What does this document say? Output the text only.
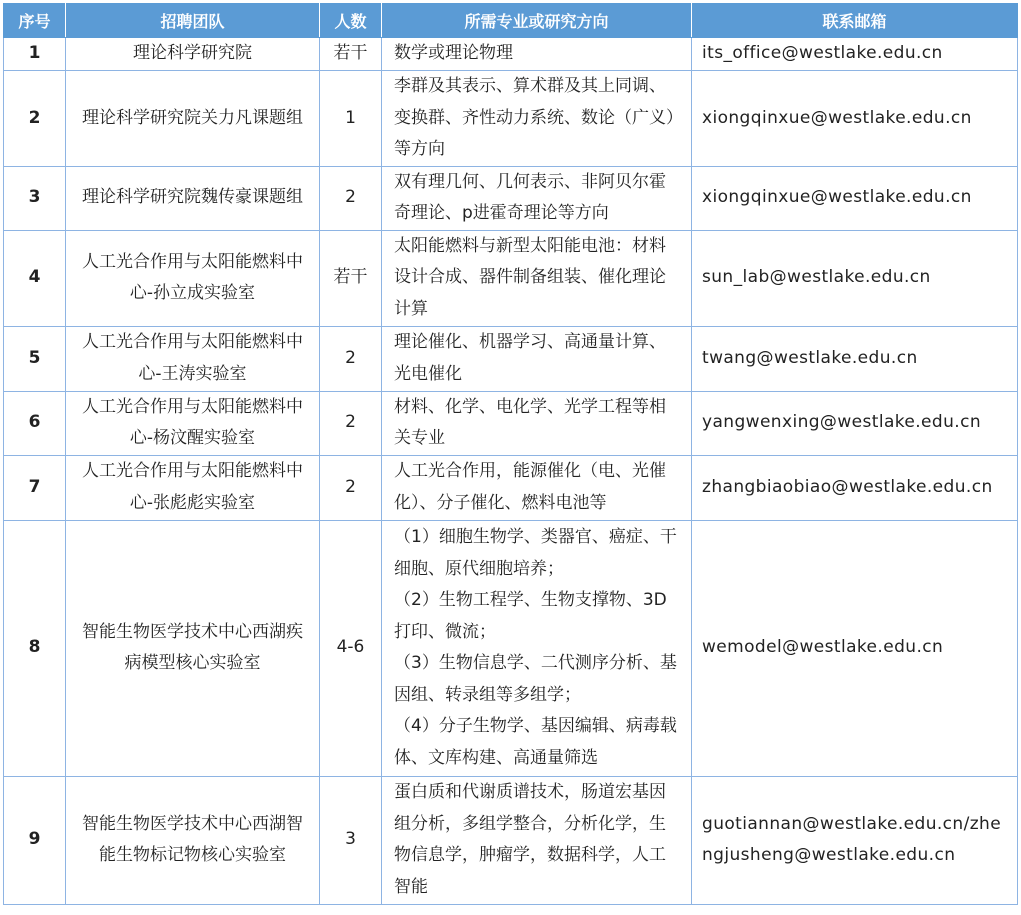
序号	招聘团队	人数	所需专业或研究方向	联系邮箱
1	理论科学研究院	若干	数学或理论物理	its_office@westlake.edu.cn
2	理论科学研究院关力凡课题组	1	李群及其表示、算术群及其上同调、变换群、齐性动力系统、数论（广义）等方向	xiongqinxue@westlake.edu.cn
3	理论科学研究院魏传豪课题组	2	双有理几何、几何表示、非阿贝尔霍奇理论、p进霍奇理论等方向	xiongqinxue@westlake.edu.cn
4	人工光合作用与太阳能燃料中心-孙立成实验室	若干	太阳能燃料与新型太阳能电池：材料设计合成、器件制备组装、催化理论计算	sun_lab@westlake.edu.cn
5	人工光合作用与太阳能燃料中心-王涛实验室	2	理论催化、机器学习、高通量计算、光电催化	twang@westlake.edu.cn
6	人工光合作用与太阳能燃料中心-杨汶醒实验室	2	材料、化学、电化学、光学工程等相关专业	yangwenxing@westlake.edu.cn
7	人工光合作用与太阳能燃料中心-张彪彪实验室	2	人工光合作用，能源催化（电、光催化）、分子催化、燃料电池等	zhangbiaobiao@westlake.edu.cn
8	智能生物医学技术中心西湖疾病模型核心实验室	4-6	（1）细胞生物学、类器官、癌症、干细胞、原代细胞培养；
（2）生物工程学、生物支撑物、3D打印、微流；
（3）生物信息学、二代测序分析、基因组、转录组等多组学；
（4）分子生物学、基因编辑、病毒载体、文库构建、高通量筛选	wemodel@westlake.edu.cn
9	智能生物医学技术中心西湖智能生物标记物核心实验室	3	蛋白质和代谢质谱技术，肠道宏基因组分析，多组学整合，分析化学，生物信息学，肿瘤学，数据科学，人工智能	guotiannan@westlake.edu.cn/zhengjusheng@westlake.edu.cn
